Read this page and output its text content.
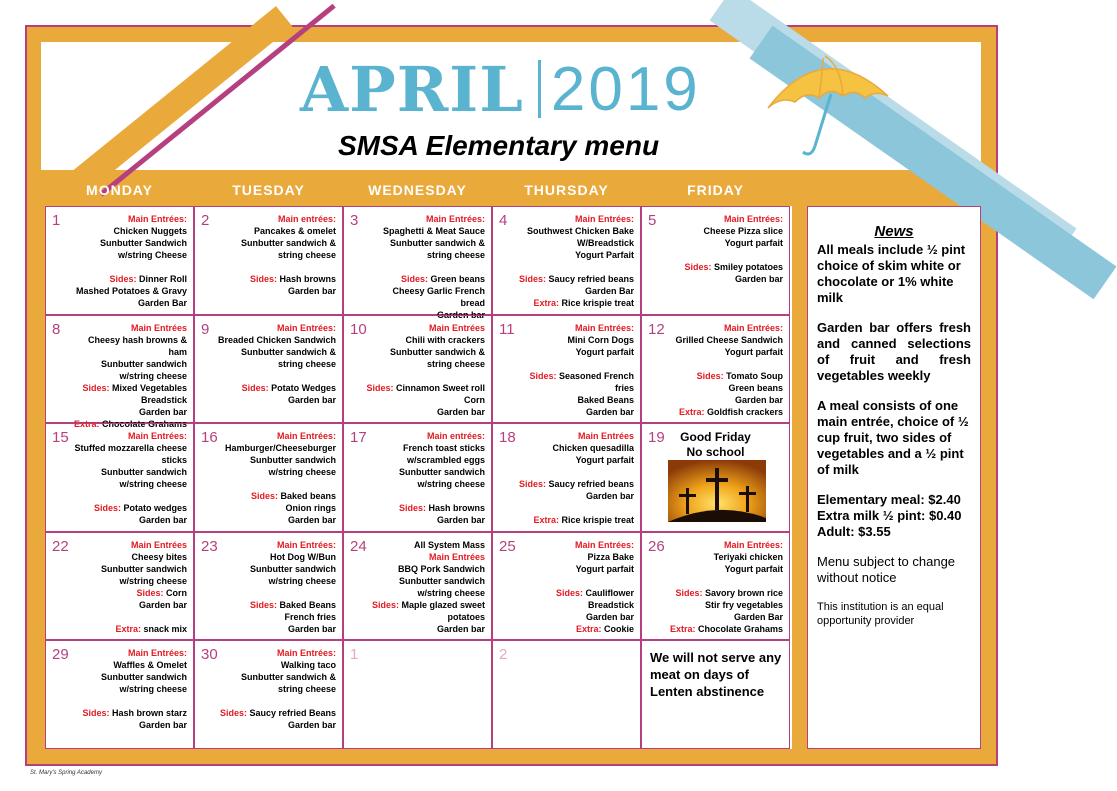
APRIL 2019
SMSA Elementary menu
MONDAY	TUESDAY	WEDNESDAY	THURSDAY	FRIDAY
1	Main Entrées:
Chicken Nuggets
Sunbutter Sandwich w/string Cheese
Sides: Dinner Roll
Mashed Potatoes & Gravy
Garden Bar
2	Main entrées:
Pancakes & omelet
Sunbutter sandwich & string cheese
Sides: Hash browns
Garden bar
3	Main Entrées:
Spaghetti & Meat Sauce
Sunbutter sandwich & string cheese
Sides: Green beans
Cheesy Garlic French bread
Garden bar
4	Main Entrées:
Southwest Chicken Bake W/Breadstick
Yogurt Parfait
Sides: Saucy refried beans
Garden Bar
Extra: Rice krispie treat
5	Main Entrées:
Cheese Pizza slice
Yogurt parfait
Sides: Smiley potatoes
Garden bar
8	Main Entrées
Cheesy hash browns & ham
Sunbutter sandwich w/string cheese
Sides: Mixed Vegetables
Breadstick
Garden bar
Extra: Chocolate Grahams
9	Main Entrées:
Breaded Chicken Sandwich
Sunbutter sandwich & string cheese
Sides: Potato Wedges
Garden bar
10	Main Entrées
Chili with crackers
Sunbutter sandwich & string cheese
Sides: Cinnamon Sweet roll
Corn
Garden bar
11	Main Entrées:
Mini Corn Dogs
Yogurt parfait
Sides: Seasoned French fries
Baked Beans
Garden bar
12	Main Entrées:
Grilled Cheese Sandwich
Yogurt parfait
Sides: Tomato Soup
Green beans
Garden bar
Extra: Goldfish crackers
15	Main Entrées:
Stuffed mozzarella cheese sticks
Sunbutter sandwich w/string cheese
Sides: Potato wedges
Garden bar
16	Main Entrées:
Hamburger/Cheeseburger
Sunbutter sandwich w/string cheese
Sides: Baked beans
Onion rings
Garden bar
17	Main entrées:
French toast sticks w/scrambled eggs
Sunbutter sandwich w/string cheese
Sides: Hash browns
Garden bar
18	Main Entrées
Chicken quesadilla
Yogurt parfait
Sides: Saucy refried beans
Garden bar
Extra: Rice krispie treat
19	Good Friday
No school
22	Main Entrées
Cheesy bites
Sunbutter sandwich w/string cheese
Sides: Corn
Garden bar
Extra: snack mix
23	Main Entrées:
Hot Dog W/Bun
Sunbutter sandwich w/string cheese
Sides: Baked Beans
French fries
Garden bar
24	All System Mass
Main Entrées
BBQ Pork Sandwich
Sunbutter sandwich w/string cheese
Sides: Maple glazed sweet potatoes
Garden bar
25	Main Entrées:
Pizza Bake
Yogurt parfait
Sides: Cauliflower
Breadstick
Garden bar
Extra: Cookie
26	Main Entrées:
Teriyaki chicken
Yogurt parfait
Sides: Savory brown rice
Stir fry vegetables
Garden Bar
Extra: Chocolate Grahams
29	Main Entrées:
Waffles & Omelet
Sunbutter sandwich w/string cheese
Sides: Hash brown starz
Garden bar
30	Main Entrées:
Walking taco
Sunbutter sandwich & string cheese
Sides: Saucy refried Beans
Garden bar
1	2	We will not serve any meat on days of Lenten abstinence
News

All meals include ½ pint choice of skim white or chocolate or 1% white milk

Garden bar offers fresh and canned selections of fruit and fresh vegetables weekly

A meal consists of one main entrée, choice of ½ cup fruit, two sides of vegetables and a ½ pint of milk

Elementary meal: $2.40
Extra milk ½ pint: $0.40
Adult: $3.55

Menu subject to change without notice

This institution is an equal opportunity provider

St. Mary's Spring Academy
